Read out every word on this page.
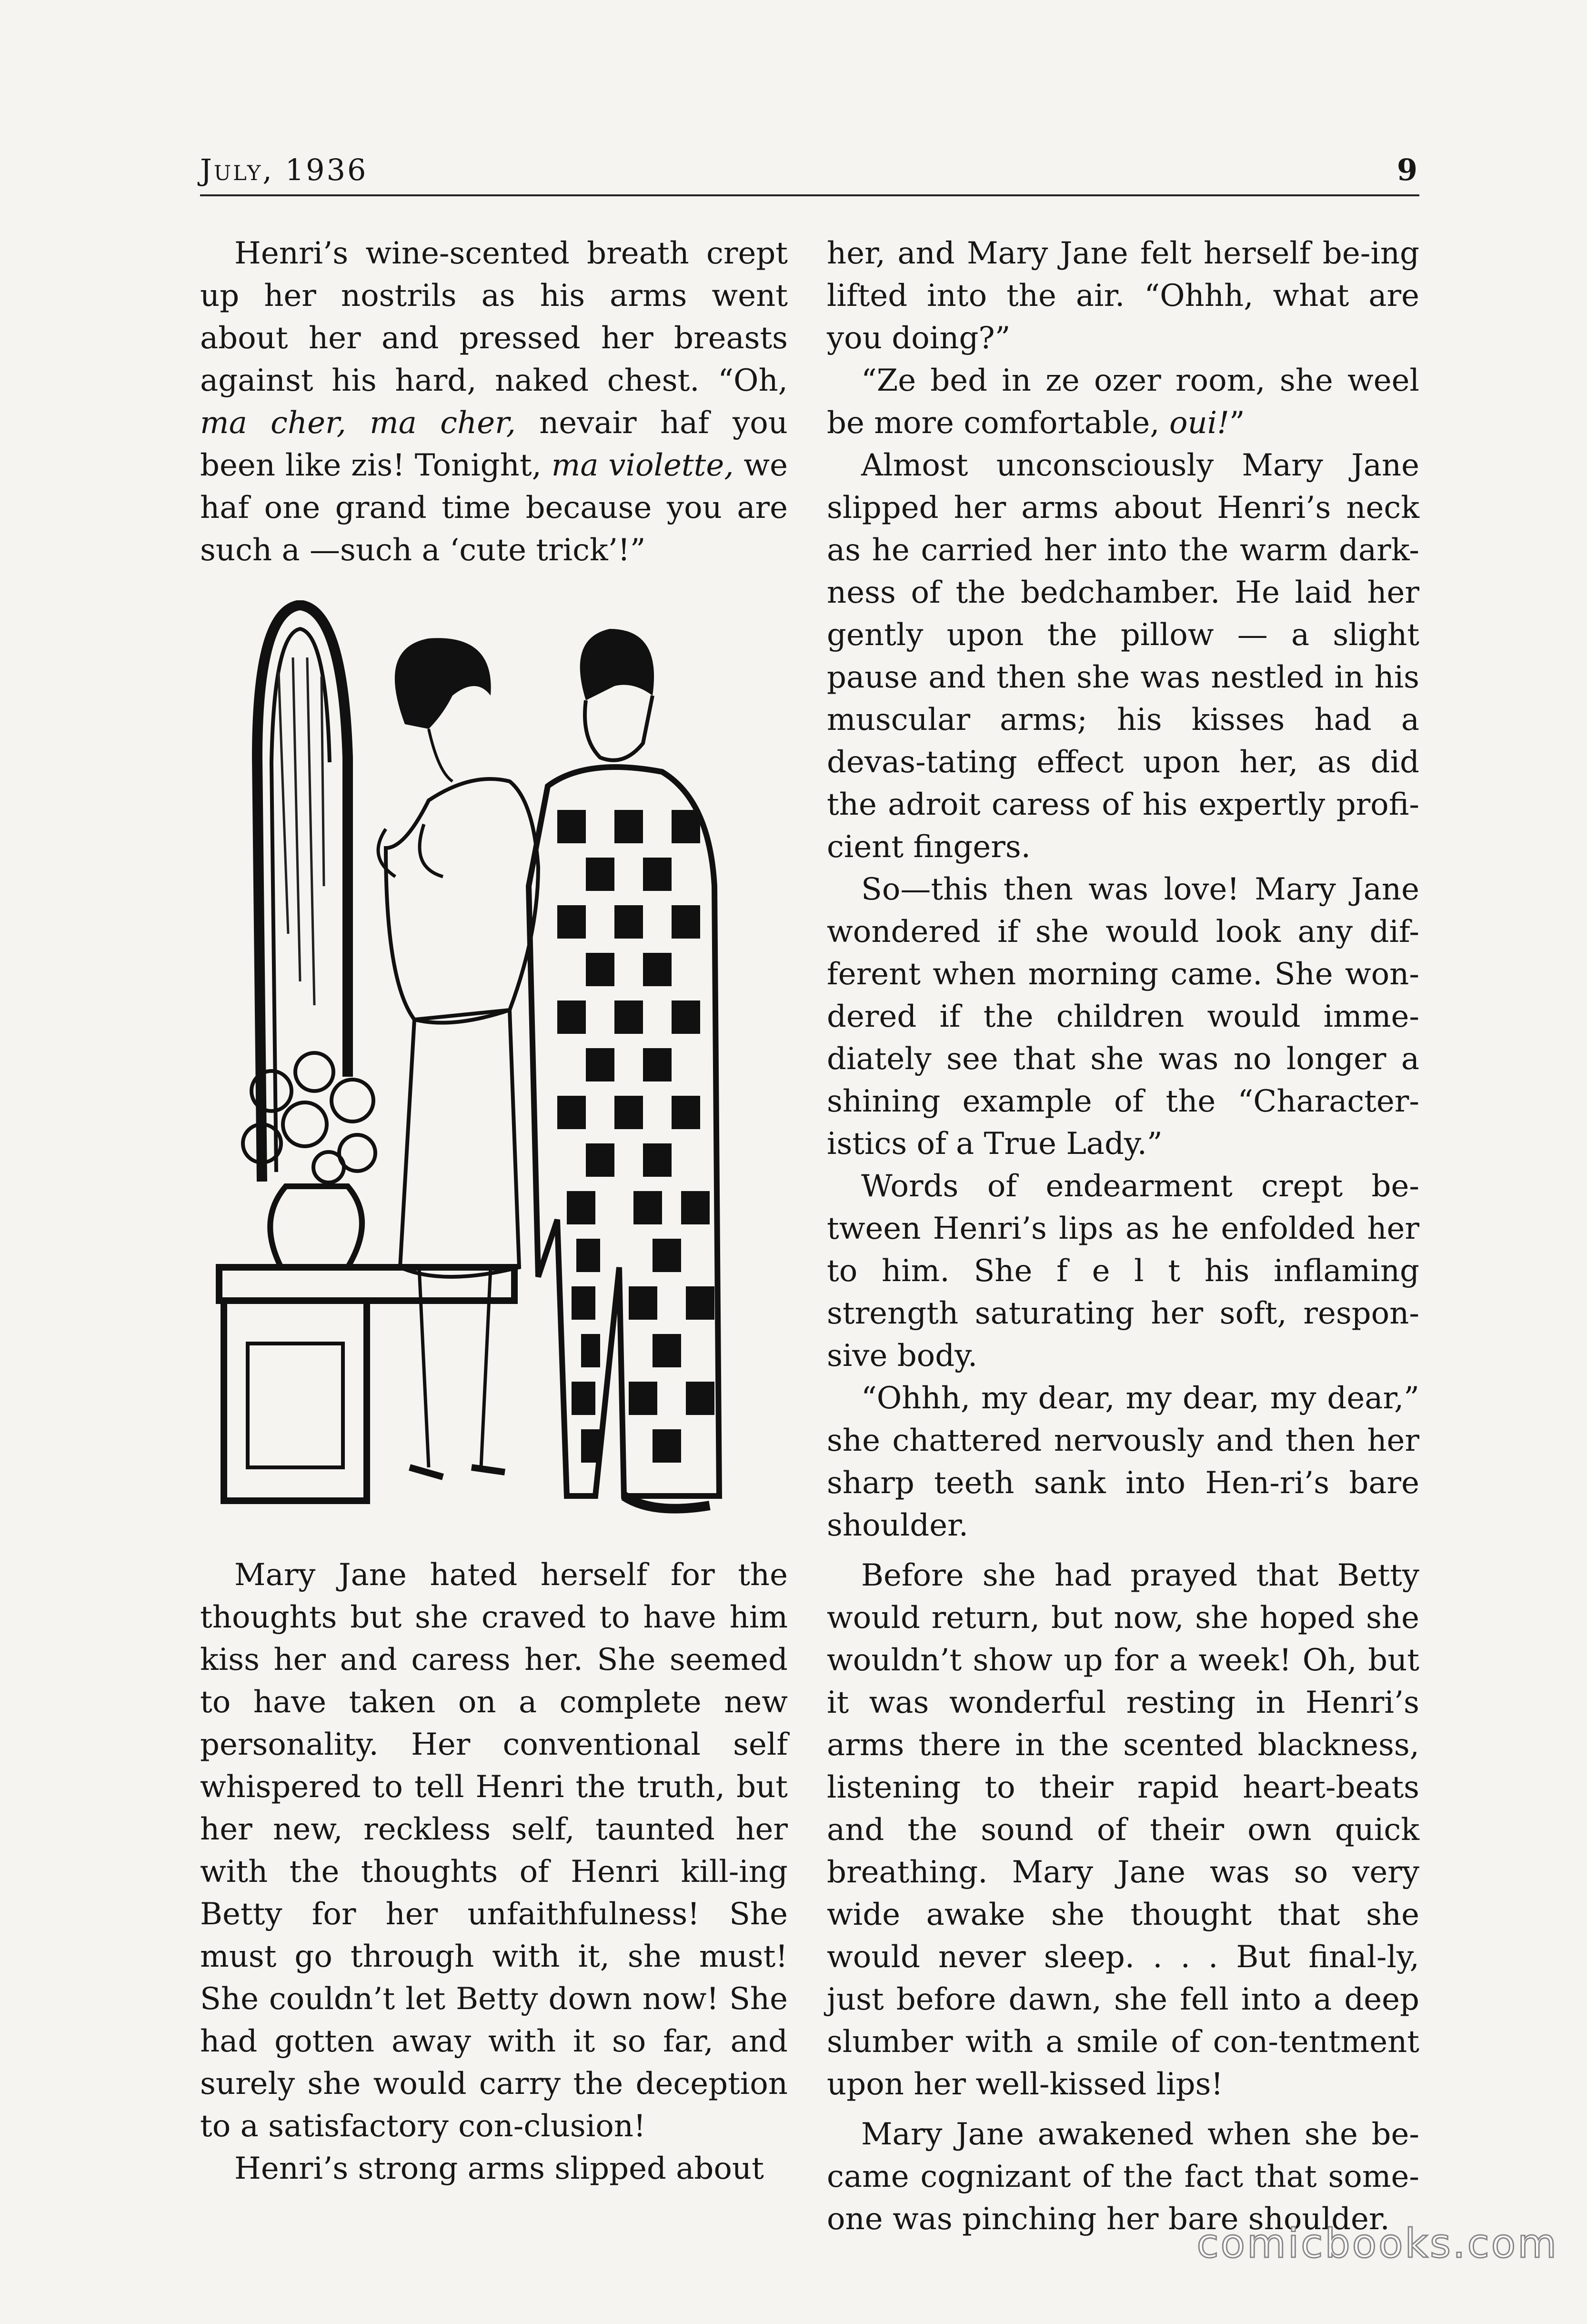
July, 1936	9

Henri’s wine-scented breath crept up her nostrils as his arms went about her and pressed her breasts against his hard, naked chest. “Oh, ma cher, ma cher, nevair haf you been like zis! Tonight, ma violette, we haf one grand time because you are such a —such a ‘cute trick’!”

Mary Jane hated herself for the thoughts but she craved to have him kiss her and caress her. She seemed to have taken on a complete new personality. Her conventional self whispered to tell Henri the truth, but her new, reckless self, taunted her with the thoughts of Henri kill-ing Betty for her unfaithfulness! She must go through with it, she must! She couldn’t let Betty down now! She had gotten away with it so far, and surely she would carry the deception to a satisfactory con-clusion!

Henri’s strong arms slipped about

her, and Mary Jane felt herself be-ing lifted into the air. “Ohhh, what are you doing?”

“Ze bed in ze ozer room, she weel be more comfortable, oui!”

Almost unconsciously Mary Jane slipped her arms about Henri’s neck as he carried her into the warm dark-ness of the bedchamber. He laid her gently upon the pillow — a slight pause and then she was nestled in his muscular arms; his kisses had a devas-tating effect upon her, as did the adroit caress of his expertly profi-cient fingers.

So—this then was love! Mary Jane wondered if she would look any dif-ferent when morning came. She won-dered if the children would imme-diately see that she was no longer a shining example of the “Character-istics of a True Lady.”

Words of endearment crept be-tween Henri’s lips as he enfolded her to him. She f e l t his inflaming strength saturating her soft, respon-sive body.

“Ohhh, my dear, my dear, my dear,” she chattered nervously and then her sharp teeth sank into Hen-ri’s bare shoulder.

Before she had prayed that Betty would return, but now, she hoped she wouldn’t show up for a week! Oh, but it was wonderful resting in Henri’s arms there in the scented blackness, listening to their rapid heart-beats and the sound of their own quick breathing. Mary Jane was so very wide awake she thought that she would never sleep. . . . But final-ly, just before dawn, she fell into a deep slumber with a smile of con-tentment upon her well-kissed lips!

Mary Jane awakened when she be-came cognizant of the fact that some-one was pinching her bare shoulder.

comicbooks.com
